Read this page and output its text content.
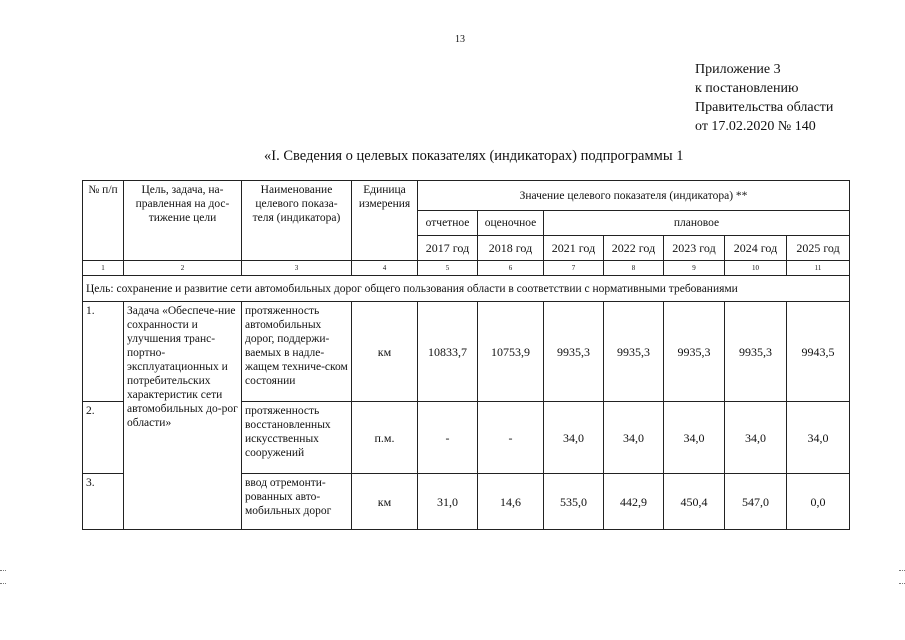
13
Приложение 3
к постановлению
Правительства области
от 17.02.2020 № 140
«I. Сведения о целевых показателях (индикаторах) подпрограммы 1
№ п/п	Цель, задача, на-правленная на дос-тижение цели	Наименование целевого показа-теля (индикатора)	Единица измерения	Значение целевого показателя (индикатора) **						
				отчетное	оценочное	плановое				
				2017 год	2018 год	2021 год	2022 год	2023 год	2024 год	2025 год
1	2	3	4	5	6	7	8	9	10	11
Цель: сохранение и развитие сети автомобильных дорог общего пользования области в соответствии с нормативными требованиями										
1.	Задача «Обеспече-ние сохранности и улучшения транс-портно-эксплуатационных и потребительских характеристик сети автомобильных до-рог области»	протяженность автомобильных дорог, поддержи-ваемых в надле-жащем техниче-ском состоянии	км	10833,7	10753,9	9935,3	9935,3	9935,3	9935,3	9943,5
2.		протяженность восстановленных искусственных сооружений	п.м.	-	-	34,0	34,0	34,0	34,0	34,0
3.		ввод отремонти-рованных авто-мобильных дорог	км	31,0	14,6	535,0	442,9	450,4	547,0	0,0
